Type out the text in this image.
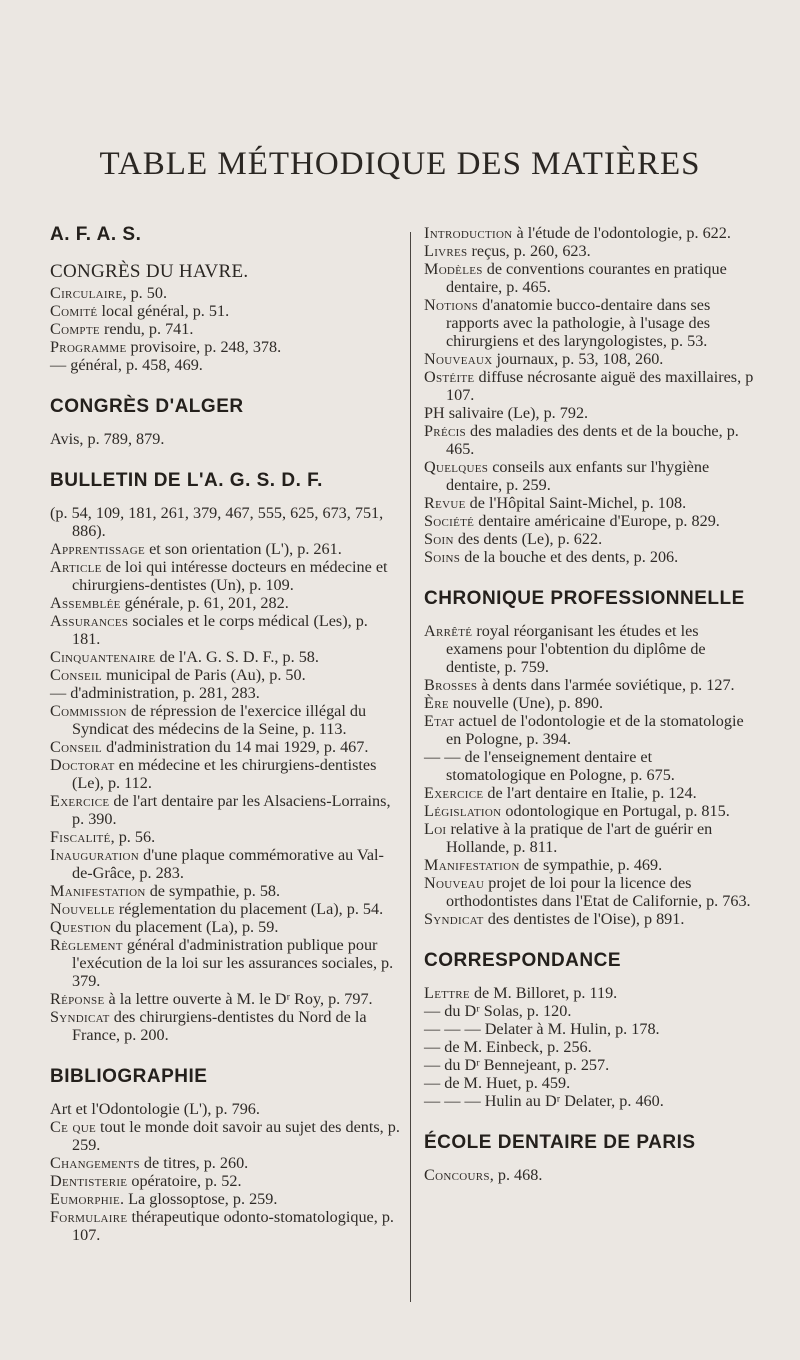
TABLE MÉTHODIQUE DES MATIÈRES
A. F. A. S.
CONGRÈS DU HAVRE.
Circulaire, p. 50.
Comité local général, p. 51.
Compte rendu, p. 741.
Programme provisoire, p. 248, 378.
— général, p. 458, 469.
CONGRÈS D'ALGER
Avis, p. 789, 879.
BULLETIN DE L'A. G. S. D. F.
(p. 54, 109, 181, 261, 379, 467, 555, 625, 673, 751, 886).
Apprentissage et son orientation (L'), p. 261.
Article de loi qui intéresse docteurs en médecine et chirurgiens-dentistes (Un), p. 109.
Assemblée générale, p. 61, 201, 282.
Assurances sociales et le corps médical (Les), p. 181.
Cinquantenaire de l'A. G. S. D. F., p. 58.
Conseil municipal de Paris (Au), p. 50.
— d'administration, p. 281, 283.
Commission de répression de l'exercice illégal du Syndicat des médecins de la Seine, p. 113.
Conseil d'administration du 14 mai 1929, p. 467.
Doctorat en médecine et les chirurgiens-dentistes (Le), p. 112.
Exercice de l'art dentaire par les Alsaciens-Lorrains, p. 390.
Fiscalité, p. 56.
Inauguration d'une plaque commémorative au Val-de-Grâce, p. 283.
Manifestation de sympathie, p. 58.
Nouvelle réglementation du placement (La), p. 54.
Question du placement (La), p. 59.
Règlement général d'administration publique pour l'exécution de la loi sur les assurances sociales, p. 379.
Réponse à la lettre ouverte à M. le Dʳ Roy, p. 797.
Syndicat des chirurgiens-dentistes du Nord de la France, p. 200.
BIBLIOGRAPHIE
Art et l'Odontologie (L'), p. 796.
Ce que tout le monde doit savoir au sujet des dents, p. 259.
Changements de titres, p. 260.
Dentisterie opératoire, p. 52.
Eumorphie. La glossoptose, p. 259.
Formulaire thérapeutique odonto-stomatologique, p. 107.
Introduction à l'étude de l'odontologie, p. 622.
Livres reçus, p. 260, 623.
Modèles de conventions courantes en pratique dentaire, p. 465.
Notions d'anatomie bucco-dentaire dans ses rapports avec la pathologie, à l'usage des chirurgiens et des laryngologistes, p. 53.
Nouveaux journaux, p. 53, 108, 260.
Ostéite diffuse nécrosante aiguë des maxillaires, p 107.
PH salivaire (Le), p. 792.
Précis des maladies des dents et de la bouche, p. 465.
Quelques conseils aux enfants sur l'hygiène dentaire, p. 259.
Revue de l'Hôpital Saint-Michel, p. 108.
Société dentaire américaine d'Europe, p. 829.
Soin des dents (Le), p. 622.
Soins de la bouche et des dents, p. 206.
CHRONIQUE PROFESSIONNELLE
Arrêté royal réorganisant les études et les examens pour l'obtention du diplôme de dentiste, p. 759.
Brosses à dents dans l'armée soviétique, p. 127.
Ère nouvelle (Une), p. 890.
Etat actuel de l'odontologie et de la stomatologie en Pologne, p. 394.
— — de l'enseignement dentaire et stomatologique en Pologne, p. 675.
Exercice de l'art dentaire en Italie, p. 124.
Législation odontologique en Portugal, p. 815.
Loi relative à la pratique de l'art de guérir en Hollande, p. 811.
Manifestation de sympathie, p. 469.
Nouveau projet de loi pour la licence des orthodontistes dans l'Etat de Californie, p. 763.
Syndicat des dentistes de l'Oise), p 891.
CORRESPONDANCE
Lettre de M. Billoret, p. 119.
— du Dʳ Solas, p. 120.
— — — Delater à M. Hulin, p. 178.
— de M. Einbeck, p. 256.
— du Dʳ Bennejeant, p. 257.
— de M. Huet, p. 459.
— — — Hulin au Dʳ Delater, p. 460.
ÉCOLE DENTAIRE DE PARIS
Concours, p. 468.
